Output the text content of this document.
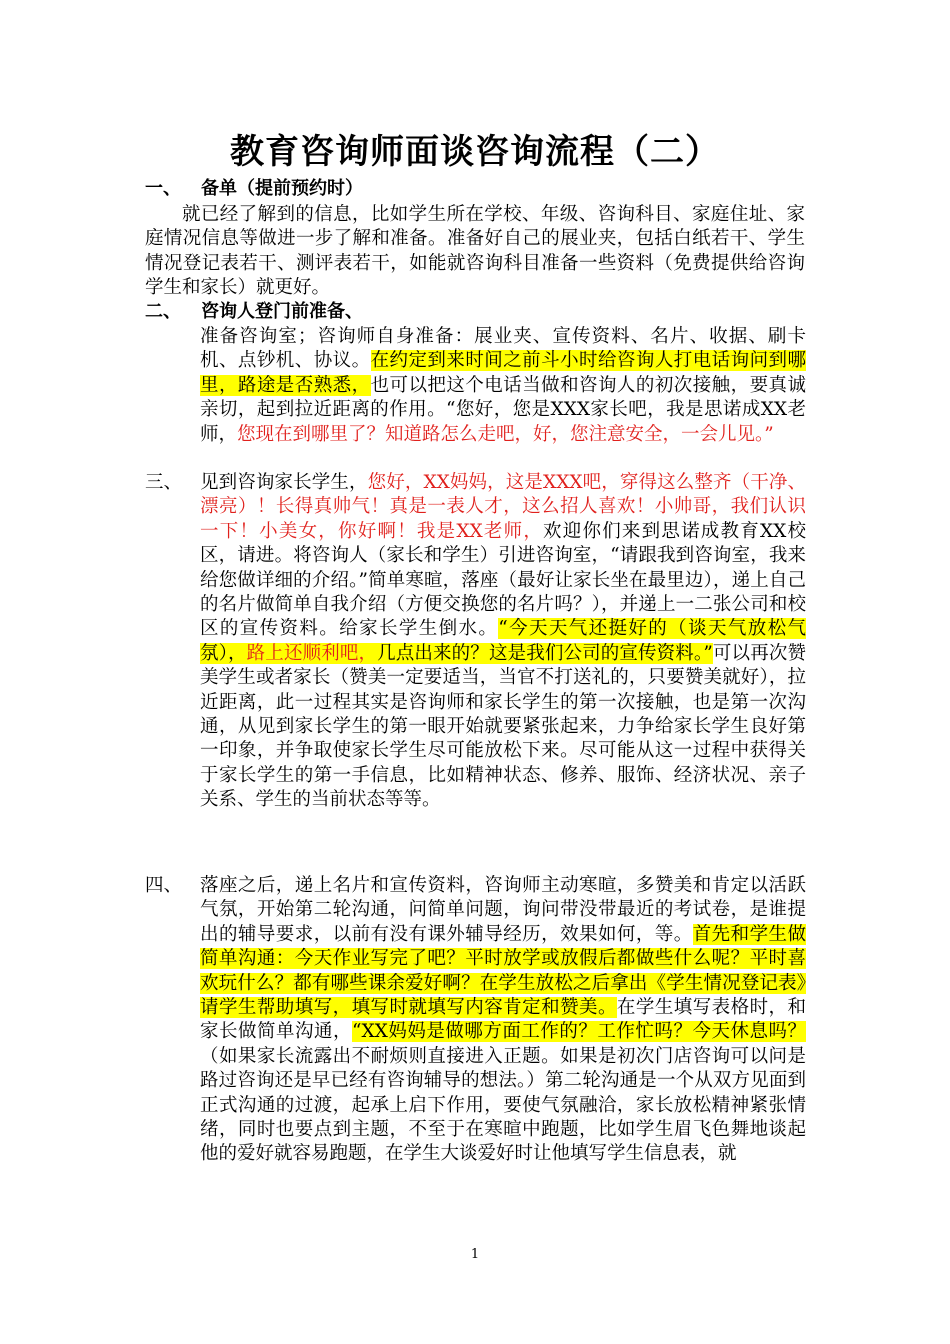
教育咨询师面谈咨询流程（二）
一、 备单（提前预约时）
就已经了解到的信息，比如学生所在学校、年级、咨询科目、家庭住址、家庭情况信息等做进一步了解和准备。准备好自己的展业夹，包括白纸若干、学生情况登记表若干、测评表若干，如能就咨询科目准备一些资料（免费提供给咨询学生和家长）就更好。
二、 咨询人登门前准备、
准备咨询室；咨询师自身准备：展业夹、宣传资料、名片、收据、刷卡机、点钞机、协议。在约定到来时间之前斗小时给咨询人打电话询问到哪里，路途是否熟悉，也可以把这个电话当做和咨询人的初次接触，要真诚亲切，起到拉近距离的作用。“您好，您是XXX家长吧，我是思诺成XX老师，您现在到哪里了？知道路怎么走吧，好，您注意安全，一会儿见。”
三、 见到咨询家长学生，您好，XX妈妈，这是XXX吧，穿得这么整齐（干净、漂亮）！长得真帅气！真是一表人才，这么招人喜欢！小帅哥，我们认识一下！小美女，你好啊！我是XX老师，欢迎你们来到思诺成教育XX校区，请进。将咨询人（家长和学生）引进咨询室，“请跟我到咨询室，我来给您做详细的介绍。”简单寒暄，落座（最好让家长坐在最里边），递上自己的名片做简单自我介绍（方便交换您的名片吗？），并递上一二张公司和校区的宣传资料。给家长学生倒水。“今天天气还挺好的（谈天气放松气氛），路上还顺利吧，几点出来的？这是我们公司的宣传资料。”可以再次赞美学生或者家长（赞美一定要适当，当官不打送礼的，只要赞美就好），拉近距离，此一过程其实是咨询师和家长学生的第一次接触，也是第一次沟通，从见到家长学生的第一眼开始就要紧张起来，力争给家长学生良好第一印象，并争取使家长学生尽可能放松下来。尽可能从这一过程中获得关于家长学生的第一手信息，比如精神状态、修养、服饰、经济状况、亲子关系、学生的当前状态等等。
四、 落座之后，递上名片和宣传资料，咨询师主动寒暄，多赞美和肯定以活跃气氛，开始第二轮沟通，问简单问题，询问带没带最近的考试卷，是谁提出的辅导要求，以前有没有课外辅导经历，效果如何，等。首先和学生做简单沟通：今天作业写完了吧？平时放学或放假后都做些什么呢？平时喜欢玩什么？都有哪些课余爱好啊？在学生放松之后拿出《学生情况登记表》请学生帮助填写，填写时就填写内容肯定和赞美。在学生填写表格时，和家长做简单沟通，“XX妈妈是做哪方面工作的？工作忙吗？今天休息吗？（如果家长流露出不耐烦则直接进入正题。如果是初次门店咨询可以问是路过咨询还是早已经有咨询辅导的想法。）第二轮沟通是一个从双方见面到正式沟通的过渡，起承上启下作用，要使气氛融洽，家长放松精神紧张情绪，同时也要点到主题，不至于在寒暄中跑题，比如学生眉飞色舞地谈起他的爱好就容易跑题，在学生大谈爱好时让他填写学生信息表，就
1
